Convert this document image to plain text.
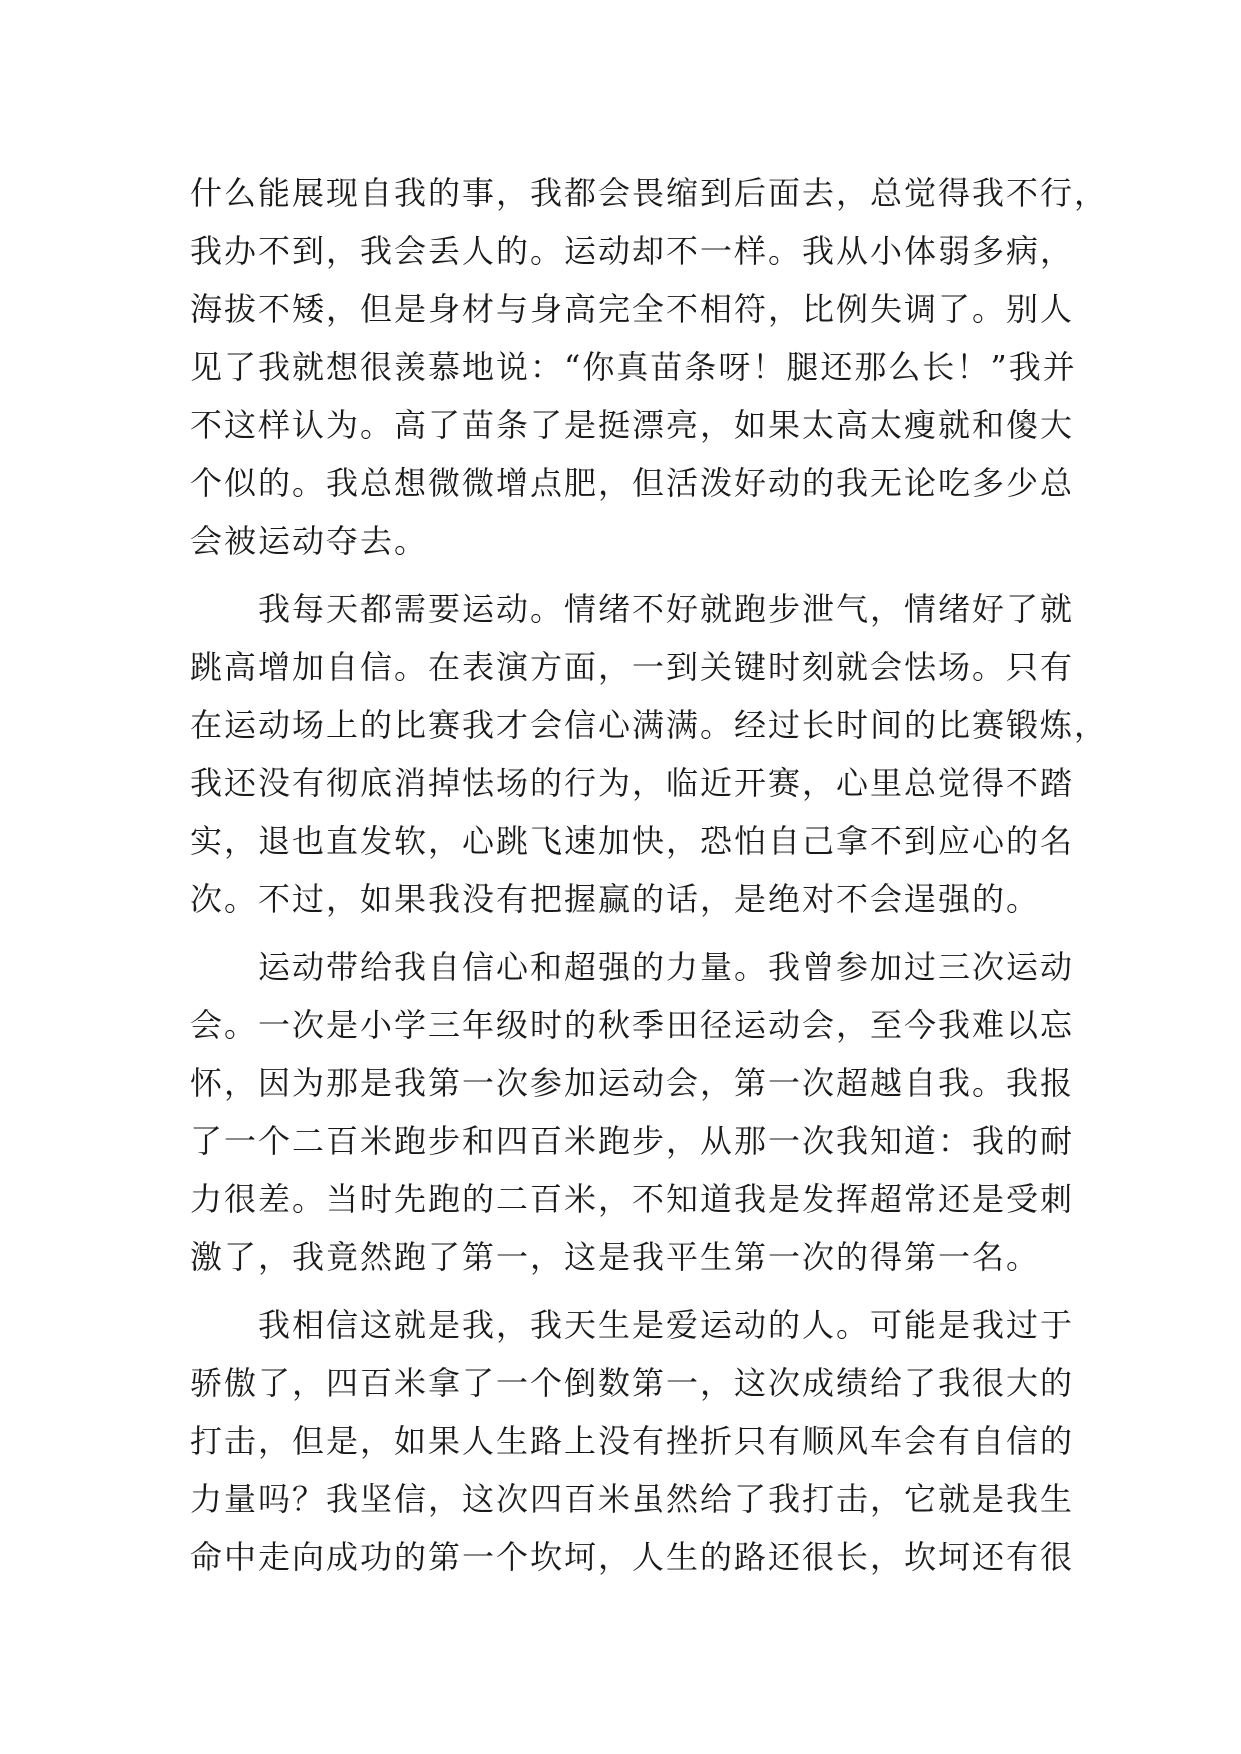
什么能展现自我的事，我都会畏缩到后面去，总觉得我不行，
我办不到，我会丢人的。运动却不一样。我从小体弱多病，
海拔不矮，但是身材与身高完全不相符，比例失调了。别人
见了我就想很羡慕地说：“你真苗条呀！腿还那么长！”我并
不这样认为。高了苗条了是挺漂亮，如果太高太瘦就和傻大
个似的。我总想微微增点肥，但活泼好动的我无论吃多少总
会被运动夺去。
我每天都需要运动。情绪不好就跑步泄气，情绪好了就
跳高增加自信。在表演方面，一到关键时刻就会怯场。只有
在运动场上的比赛我才会信心满满。经过长时间的比赛锻炼，
我还没有彻底消掉怯场的行为，临近开赛，心里总觉得不踏
实，退也直发软，心跳飞速加快，恐怕自己拿不到应心的名
次。不过，如果我没有把握赢的话，是绝对不会逞强的。
运动带给我自信心和超强的力量。我曾参加过三次运动
会。一次是小学三年级时的秋季田径运动会，至今我难以忘
怀，因为那是我第一次参加运动会，第一次超越自我。我报
了一个二百米跑步和四百米跑步，从那一次我知道：我的耐
力很差。当时先跑的二百米，不知道我是发挥超常还是受刺
激了，我竟然跑了第一，这是我平生第一次的得第一名。
我相信这就是我，我天生是爱运动的人。可能是我过于
骄傲了，四百米拿了一个倒数第一，这次成绩给了我很大的
打击，但是，如果人生路上没有挫折只有顺风车会有自信的
力量吗？我坚信，这次四百米虽然给了我打击，它就是我生
命中走向成功的第一个坎坷，人生的路还很长，坎坷还有很
